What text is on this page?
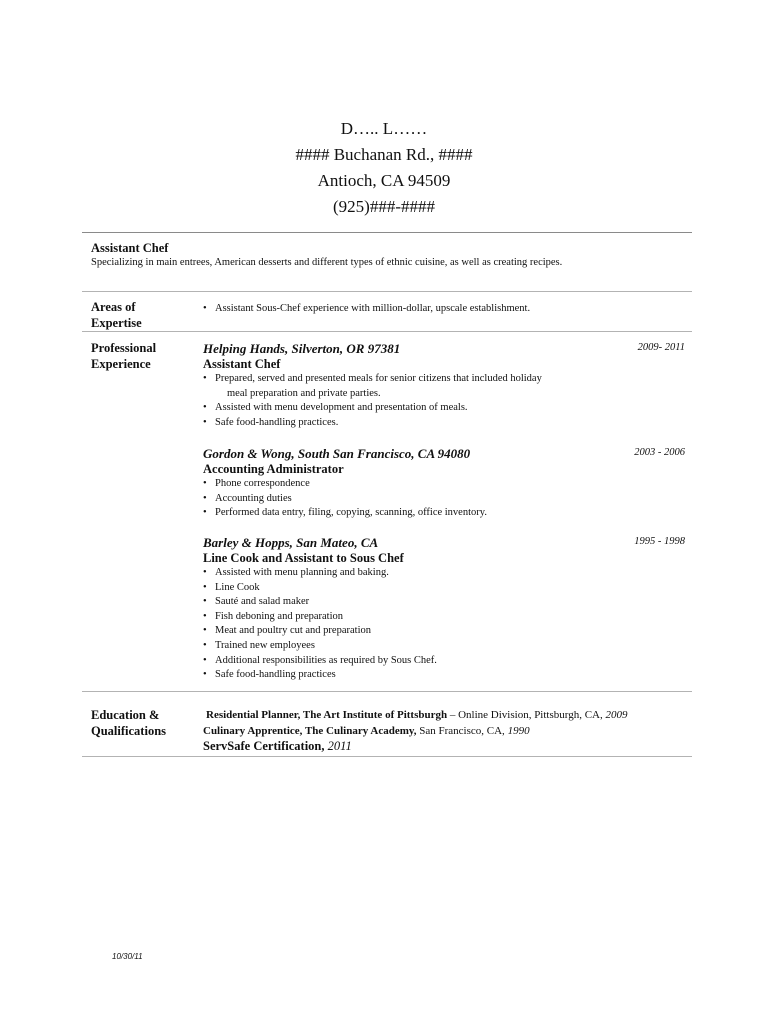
D….. L……
#### Buchanan Rd., ####
Antioch, CA 94509
(925)###-####
Assistant Chef
Specializing in main entrees, American desserts and different types of ethnic cuisine, as well as creating recipes.
Areas of
Expertise
• Assistant Sous-Chef experience with million-dollar, upscale establishment.
Professional
Experience
Helping Hands, Silverton, OR 97381	2009- 2011
Assistant Chef
• Prepared, served and presented meals for senior citizens that included holiday
meal preparation and private parties.
• Assisted with menu development and presentation of meals.
• Safe food-handling practices.
Gordon & Wong, South San Francisco, CA 94080	2003 - 2006
Accounting Administrator
• Phone correspondence
• Accounting duties
• Performed data entry, filing, copying, scanning, office inventory.
Barley & Hopps, San Mateo, CA	1995 - 1998
Line Cook and Assistant to Sous Chef
• Assisted with menu planning and baking.
• Line Cook
• Sauté and salad maker
• Fish deboning and preparation
• Meat and poultry cut and preparation
• Trained new employees
• Additional responsibilities as required by Sous Chef.
• Safe food-handling practices
Education &
Qualifications
Residential Planner, The Art Institute of Pittsburgh – Online Division, Pittsburgh, CA, 2009
Culinary Apprentice, The Culinary Academy, San Francisco, CA, 1990
ServSafe Certification, 2011
10/30/11
